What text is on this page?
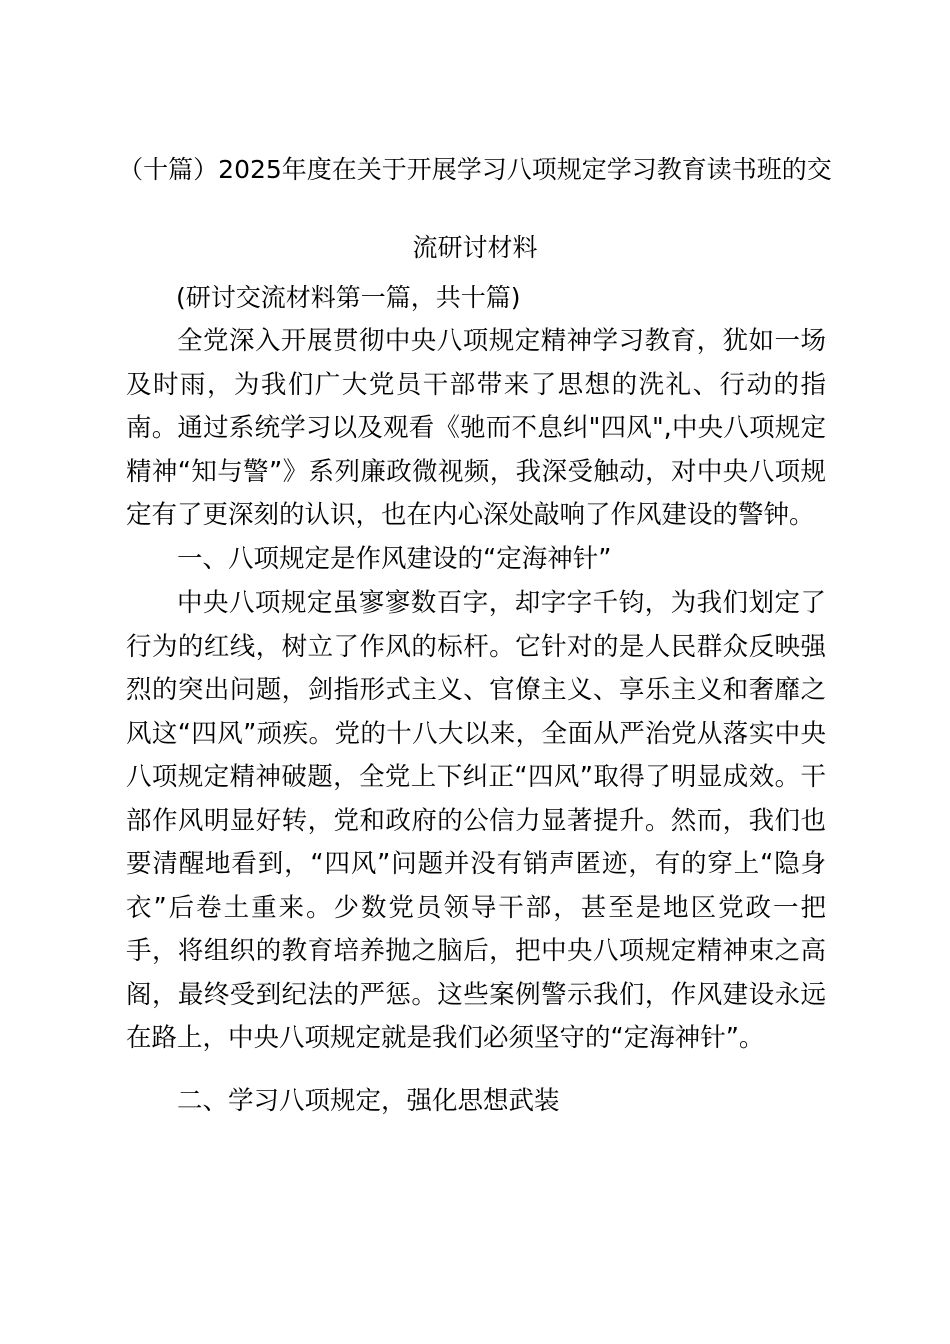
（十篇）2025年度在关于开展学习八项规定学习教育读书班的交
流研讨材料
(研讨交流材料第一篇，共十篇)

全党深入开展贯彻中央八项规定精神学习教育，犹如一场及时雨，为我们广大党员干部带来了思想的洗礼、行动的指南。通过系统学习以及观看《驰而不息纠"四风",中央八项规定精神“知与警”》系列廉政微视频，我深受触动，对中央八项规定有了更深刻的认识，也在内心深处敲响了作风建设的警钟。

一、八项规定是作风建设的“定海神针”

中央八项规定虽寥寥数百字，却字字千钧，为我们划定了行为的红线，树立了作风的标杆。它针对的是人民群众反映强烈的突出问题，剑指形式主义、官僚主义、享乐主义和奢靡之风这“四风”顽疾。党的十八大以来，全面从严治党从落实中央八项规定精神破题，全党上下纠正“四风”取得了明显成效。干部作风明显好转，党和政府的公信力显著提升。然而，我们也要清醒地看到，“四风”问题并没有销声匿迹，有的穿上“隐身衣”后卷土重来。少数党员领导干部，甚至是地区党政一把手，将组织的教育培养抛之脑后，把中央八项规定精神束之高阁，最终受到纪法的严惩。这些案例警示我们，作风建设永远在路上，中央八项规定就是我们必须坚守的“定海神针”。

二、学习八项规定，强化思想武装
